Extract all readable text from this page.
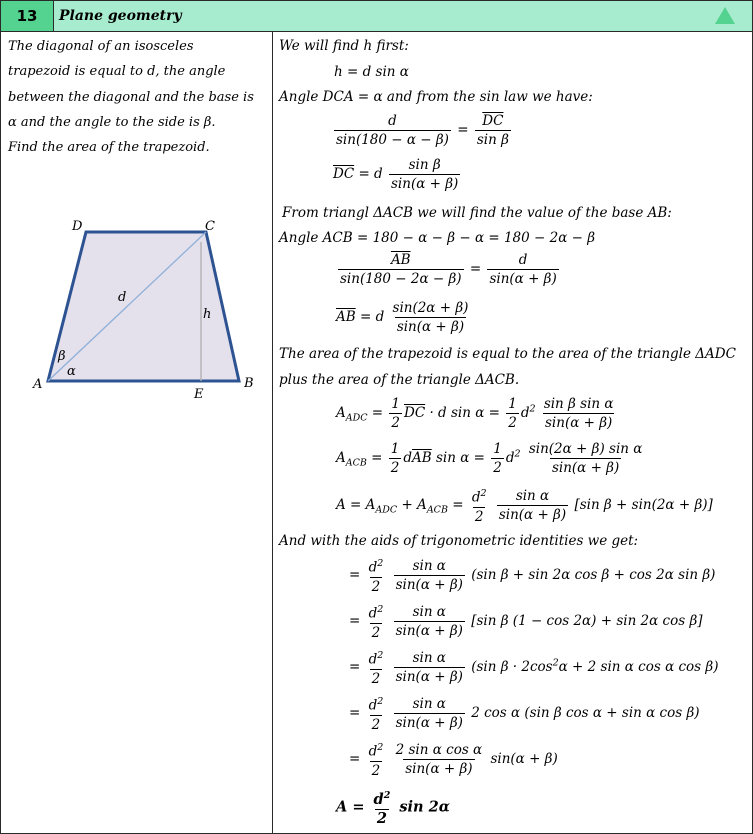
13	Plane geometry
The diagonal of an isosceles
trapezoid is equal to d, the angle
between the diagonal and the base is
α and the angle to the side is β.
Find the area of the trapezoid.
D	C
A	B
E
d
h
β
α
We will find h first:
h = d sin α
Angle DCA = α and from the sin law we have:
$\frac{d}{\sin(180 - \alpha - \beta)} = \frac{\overline{DC}}{\text{sin β}}$
$\overline{DC} = d \frac{\text{sin β}}{\sin(\alpha + \beta)}$
From triangl ΔACB we will find the value of the base AB:
Angle ACB = 180 − α − β − α = 180 − 2α − β
$\frac{\overline{AB}}{\sin(180 - 2\alpha - \beta)} = \frac{d}{\sin(\alpha + \beta)}$
$\overline{AB} = d \frac{\sin(2\alpha + \beta)}{\sin(\alpha + \beta)}$
The area of the trapezoid is equal to the area of the triangle ΔADC
plus the area of the triangle ΔACB.
$A_{ADC} = \frac{1}{2} \overline{DC} \cdot d$ $\sin \alpha = \frac{1}{2} d^2 \frac{\text{sin β sin α}}{\sin(\alpha + \beta)}$
$A_{ACB} = \frac{1}{2} d\overline{AB}$ $\sin \alpha = \frac{1}{2} d^2 \frac{\text{sin(2α + β) sin α}}{\sin(\alpha + \beta)}$
$A = A_{ADC} + A_{ACB} = \frac{d^2}{2}$
$\frac{\text{sin α}}{\sin(\alpha + \beta)} [\sin$ β + sin(2α + β)]
And with the aids of trigonometric identities we get:
= $\frac{d^2}{2}$
$\frac{\text{sin α}}{\sin(\alpha + \beta)} (\sin$ β + sin 2α cos β + cos 2α sin β)
= $\frac{d^2}{2}$
$\frac{\text{sin α}}{\sin(\alpha + \beta)} [\sin$ β (1 − cos 2α) + sin 2α cos β]
= $\frac{d^2}{2}$
$\frac{\text{sin α}}{\sin(\alpha + \beta)} (\sin$ $\beta \cdot 2\cos^2\alpha + 2$ sin α cos α cos β)
= $\frac{d^2}{2}$
$\frac{\text{sin α}}{\sin(\alpha + \beta)} 2$ cos α (sin β cos α + sin α cos β)
= $\frac{d^2}{2}$
$\frac{\text{2 sin α cos α}}{\sin(\alpha + \beta)} \sin(\alpha + \beta)$
$A = \frac{d^2}{2}$ sin 2α
